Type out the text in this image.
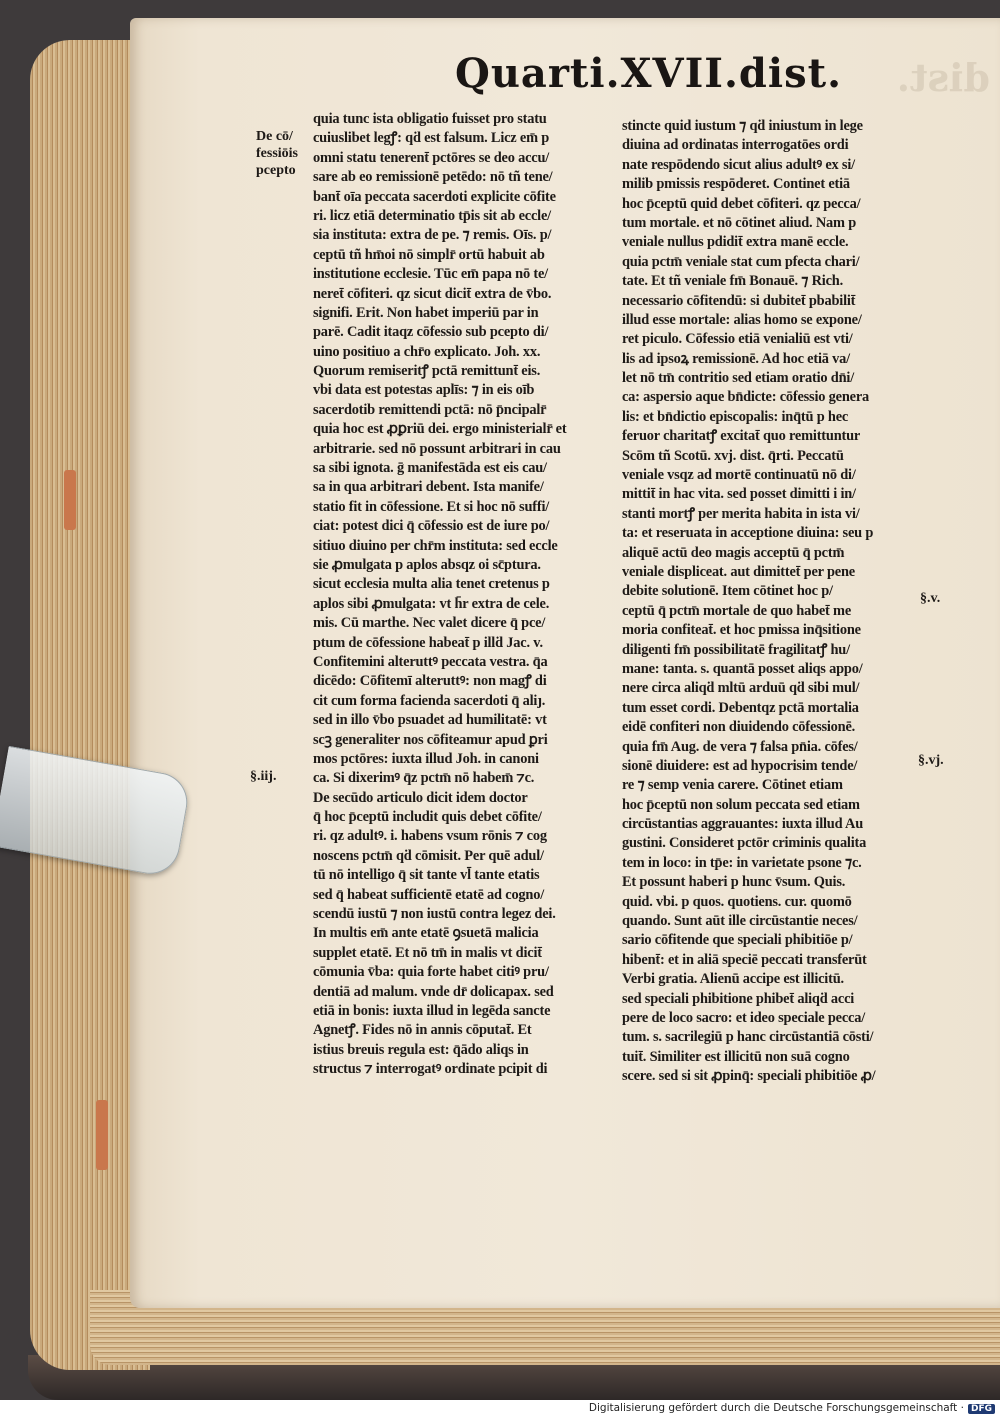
dist.
Quarti.XVII.dist.
De cō/
fessiōis
pcepto
§.iij.
§.v.
§.vj.
quia tunc ista obligatio fuisset pro statu
cuiuslibet legꝭ: qḋ est falsum. Licz em̄ p
omni statu tenerent̄ pctōres se deo accu/
sare ab eo remissionē petēdo: nō tñ tene/
bant̄ oīa peccata sacerdoti explicite cōfite
ri. licz etiā determinatio tp̄is sit ab eccle/
sia instituta: extra de pe. ⁊ remis. Oīs. p/
ceptū tñ hm̄oi nō simplr̄ ortū habuit ab
institutione ecclesie. Tūc em̄ papa nō te/
neret̄ cōfiteri. qz sicut dicit̄ extra de v̄bo.
signifi. Erit. Non habet imperiū par in
parē. Cadit itaqz cōfessio sub pcepto di/
uino positiuo a chr̄o explicato. Joh. xx.
Quorum remiseritꝭ pctā remittunt̄ eis.
vbi data est potestas aplīs: ⁊ in eis oīb
sacerdotib remittendi pctā: nō p̄ncipalr̄
quia hoc est ꝓꝑriū dei. ergo ministerialr̄ et
arbitrarie. sed nō possunt arbitrari in cau
sa sibi ignota. ḡ manifestāda est eis cau/
sa in qua arbitrari debent. Ista manife/
statio fit in cōfessione. Et si hoc nō suffi/
ciat: potest dici q̄ cōfessio est de iure po/
sitiuo diuino per chr̄m instituta: sed eccle
sie ꝓmulgata p aplos absqz oi sc̄ptura.
sicut ecclesia multa alia tenet cretenus p
aplos sibi ꝓmulgata: vt h̄r extra de cele.
mis. Cū marthe. Nec valet dicere q̄ pce/
ptum de cōfessione habeat̄ p illḋ Jac. v.
Confitemini alteruttꝰ peccata vestra. q̄a
dicēdo: Cōfitemī alteruttꝰ: non magꝭ di
cit cum forma facienda sacerdoti q̄ aliȷ.
sed in illo v̄bo psuadet ad humilitatē: vt
scꝫ generaliter nos cōfiteamur apud ꝑri
mos pctōres: iuxta illud Joh. in canoni
ca. Si dixerimꝰ q̄z pctm̄ nō habem̄ ⁊c.
De secūdo articulo dicit idem doctor
q̄ hoc p̄ceptū includit quis debet cōfite/
ri. qz adultꝰ. i. habens vsum rōnis ⁊ cog
noscens pctm̄ qḋ cōmisit. Per quē adul/
tū nō intelligo q̄ sit tante vl̄ tante etatis
sed q̄ habeat sufficientē etatē ad cogno/
scendū iustū ⁊ non iustū contra legez dei.
In multis em̄ ante etatē ꝯsuetā malicia
supplet etatē. Et nō tm̄ in malis vt dicit̄
cōmunia v̄ba: quia forte habet citiꝰ pru/
dentiā ad malum. vnde dr̄ dolicapax. sed
etiā in bonis: iuxta illud in legēda sancte
Agnetꝭ. Fides nō in annis cōputat̄. Et
istius breuis regula est: q̄ādo aliqs in
structus ⁊ interrogatꝰ ordinate pcipit di
stincte quid iustum ⁊ qḋ iniustum in lege
diuina ad ordinatas interrogatōes ordi
nate respōdendo sicut alius adultꝰ ex si/
milib pmissis respōderet. Continet etiā
hoc p̄ceptū quid debet cōfiteri. qz pecca/
tum mortale. et nō cōtinet aliud. Nam p
veniale nullus pdidit̄ extra manē eccle.
quia pctm̄ veniale stat cum pfecta chari/
tate. Et tñ veniale fm̄ Bonauē. ⁊ Rich.
necessario cōfitendū: si dubitet̄ pbabilit̄
illud esse mortale: alias homo se expone/
ret piculo. Cōfessio etiā venialiū est vti/
lis ad ipsoꝝ remissionē. Ad hoc etiā va/
let nō tm̄ contritio sed etiam oratio dn̄i/
ca: aspersio aque bn̄dicte: cōfessio genera
lis: et bn̄dictio episcopalis: inq̄tū p hec
feruor charitatꝭ excitat̄ quo remittuntur
Scōm tñ Scotū. xvj. dist. q̄rti. Peccatū
veniale vsqz ad mortē continuatū nō di/
mittit̄ in hac vita. sed posset dimitti i in/
stanti mortꝭ per merita habita in ista vi/
ta: et reseruata in acceptione diuina: seu p
aliquē actū deo magis acceptū q̄ pctm̄
veniale displiceat. aut dimittet̄ per pene
debite solutionē. Item cōtinet hoc p/
ceptū q̄ pctm̄ mortale de quo habet̄ me
moria confiteat̄. et hoc pmissa inq̄sitione
diligenti fm̄ possibilitatē fragilitatꝭ hu/
mane: tanta. s. quantā posset aliqs appo/
nere circa aliqḋ mltū arduū qḋ sibi mul/
tum esset cordi. Debentqz pctā mortalia
eidē confiteri non diuidendo cōfessionē.
quia fm̄ Aug. de vera ⁊ falsa pn̄ia. cōfes/
sionē diuidere: est ad hypocrisim tende/
re ⁊ semp venia carere. Cōtinet etiam
hoc p̄ceptū non solum peccata sed etiam
circūstantias aggrauantes: iuxta illud Au
gustini. Consideret pctōr criminis qualita
tem in loco: in tp̄e: in varietate psone ⁊c.
Et possunt haberi p hunc v̄sum. Quis.
quid. vbi. p quos. quotiens. cur. quomō
quando. Sunt aūt ille circūstantie neces/
sario cōfitende que speciali phibitiōe p/
hibent̄: et in aliā speciē peccati transferūt
Verbi gratia. Alienū accipe est illicitū.
sed speciali phibitione phibet̄ aliqḋ acci
pere de loco sacro: et ideo speciale pecca/
tum. s. sacrilegiū p hanc circūstantiā cōsti/
tuit̄. Similiter est illicitū non suā cogno
scere. sed si sit ꝓpinq̄: speciali phibitiōe ꝓ/
Digitalisierung gefördert durch die Deutsche Forschungsgemeinschaft · DFG
